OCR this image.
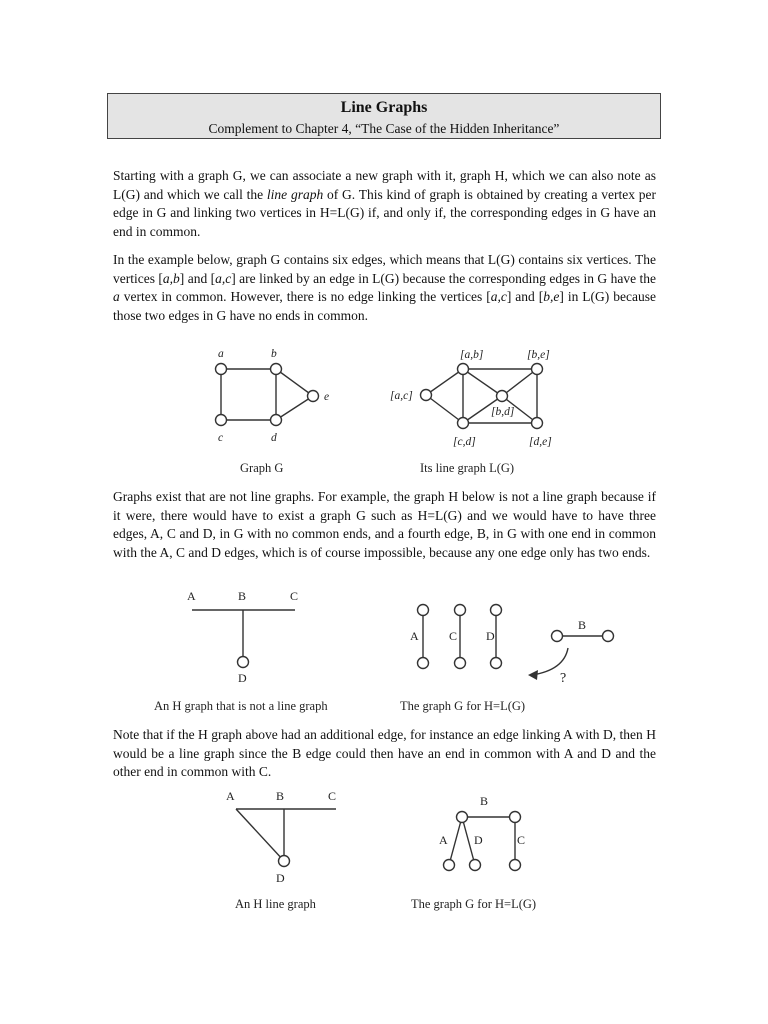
Line Graphs
Complement to Chapter 4, “The Case of the Hidden Inheritance”

Starting with a graph G, we can associate a new graph with it, graph H, which we can also note as L(G) and which we call the line graph of G. This kind of graph is obtained by creating a vertex per edge in G and linking two vertices in H=L(G) if, and only if, the corresponding edges in G have an end in common.

In the example below, graph G contains six edges, which means that L(G) contains six vertices. The vertices [a,b] and [a,c] are linked by an edge in L(G) because the corresponding edges in G have the a vertex in common. However, there is no edge linking the vertices [a,c] and [b,e] in L(G) because those two edges in G have no ends in common.

a	b
c	d
e
Graph G
[a,b]	[b,e]
[a,c]
[b,d]
[c,d]	[d,e]
Its line graph L(G)

Graphs exist that are not line graphs. For example, the graph H below is not a line graph because if it were, there would have to exist a graph G such as H=L(G) and we would have to have three edges, A, C and D, in G with no common ends, and a fourth edge, B, in G with one end in common with the A, C and D edges, which is of course impossible, because any one edge only has two ends.

A	B	C
D
An H graph that is not a line graph
A	C D
B
?
The graph G for H=L(G)

Note that if the H graph above had an additional edge, for instance an edge linking A with D, then H would be a line graph since the B edge could then have an end in common with A and D and the other end in common with C.

A	B	C
D
An H line graph
B
A D	C
The graph G for H=L(G)
